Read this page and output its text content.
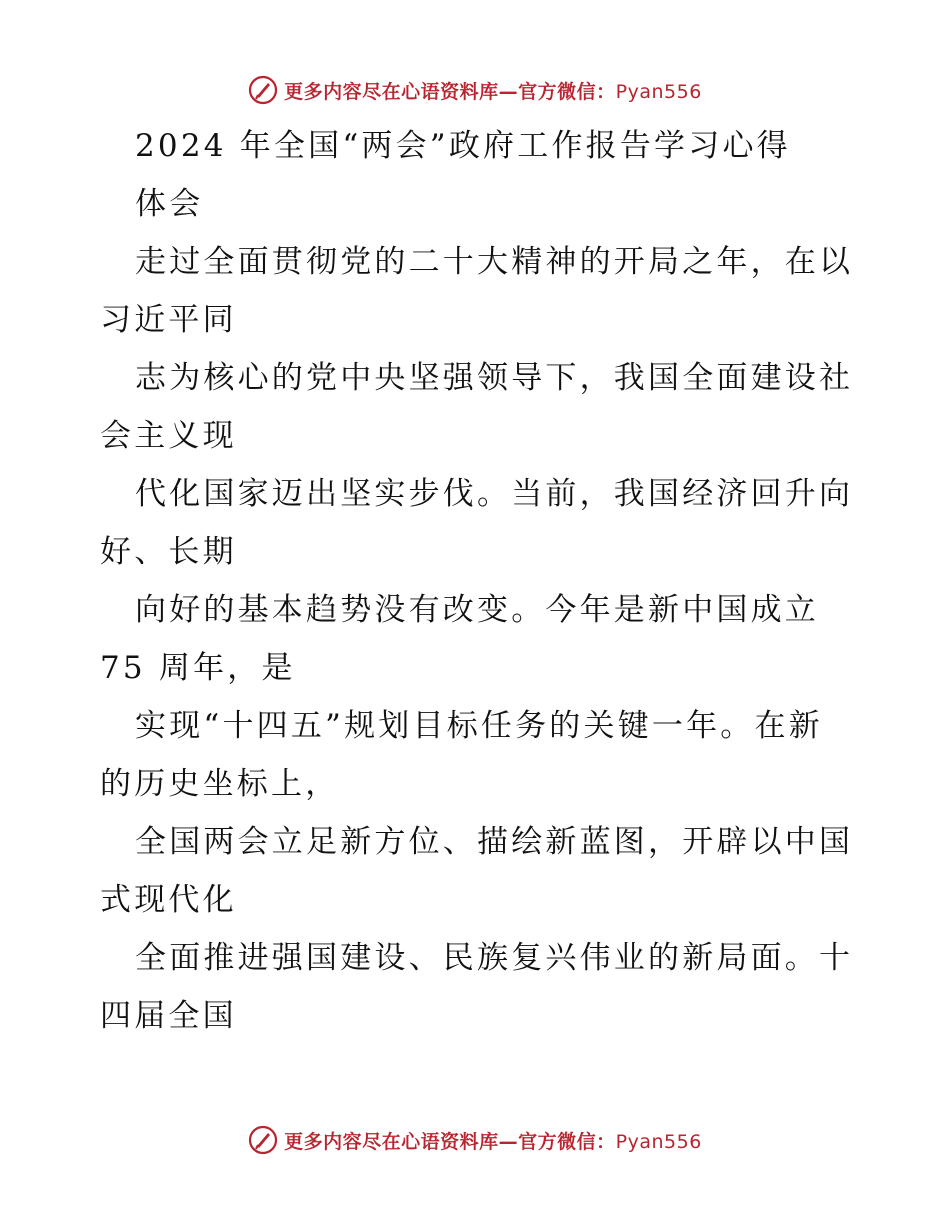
更多内容尽在心语资料库—官方微信：Pyan556
2024 年全国“两会”政府工作报告学习心得
体会
走过全面贯彻党的二十大精神的开局之年，在以
习近平同
志为核心的党中央坚强领导下，我国全面建设社
会主义现
代化国家迈出坚实步伐。当前，我国经济回升向
好、长期
向好的基本趋势没有改变。今年是新中国成立
75 周年，是
实现“十四五”规划目标任务的关键一年。在新
的历史坐标上，
全国两会立足新方位、描绘新蓝图，开辟以中国
式现代化
全面推进强国建设、民族复兴伟业的新局面。十
四届全国
更多内容尽在心语资料库—官方微信：Pyan556
